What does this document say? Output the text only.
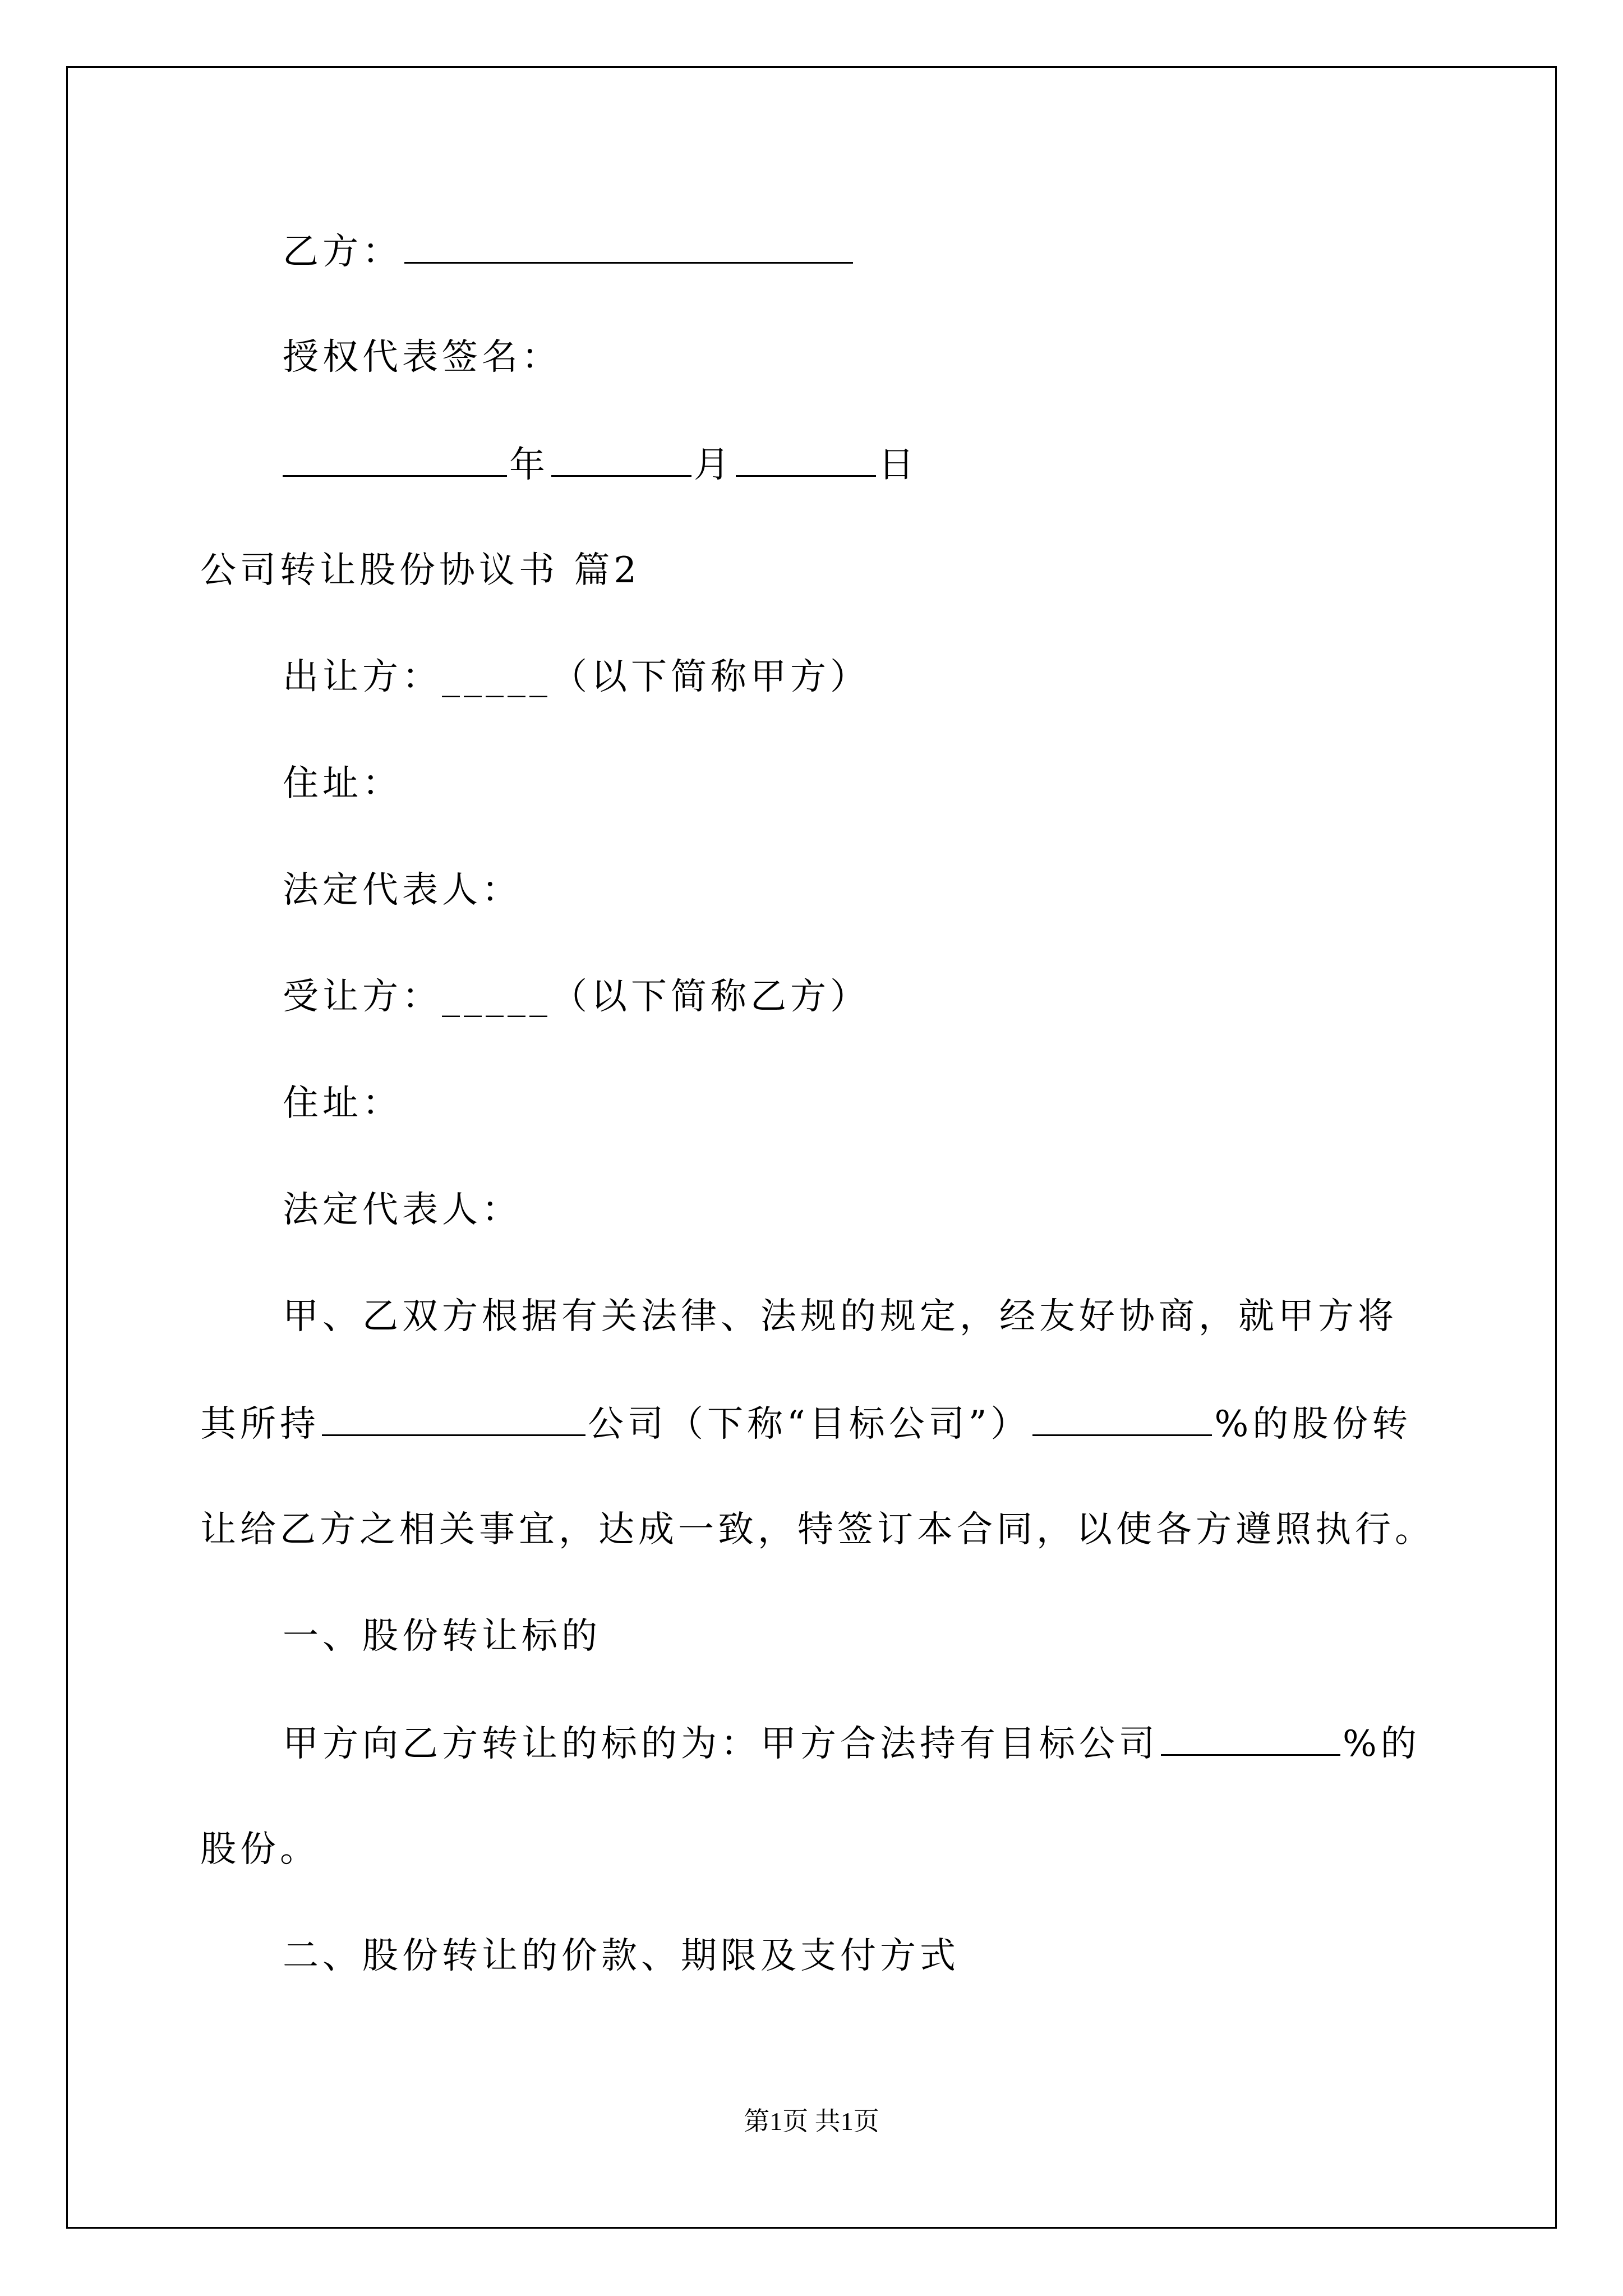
乙方：
授权代表签名：
年	月	日
公司转让股份协议书 篇2
出让方：_____（以下简称甲方）
住址：
法定代表人：
受让方：_____（以下简称乙方）
住址：
法定代表人：
甲、乙双方根据有关法律、法规的规定，经友好协商，就甲方将
其所持	公司（下称“目标公司”）	%的股份转
让给乙方之相关事宜，达成一致，特签订本合同，以使各方遵照执行。
一、股份转让标的
甲方向乙方转让的标的为：甲方合法持有目标公司	%的
股份。
二、股份转让的价款、期限及支付方式
第1页 共1页
